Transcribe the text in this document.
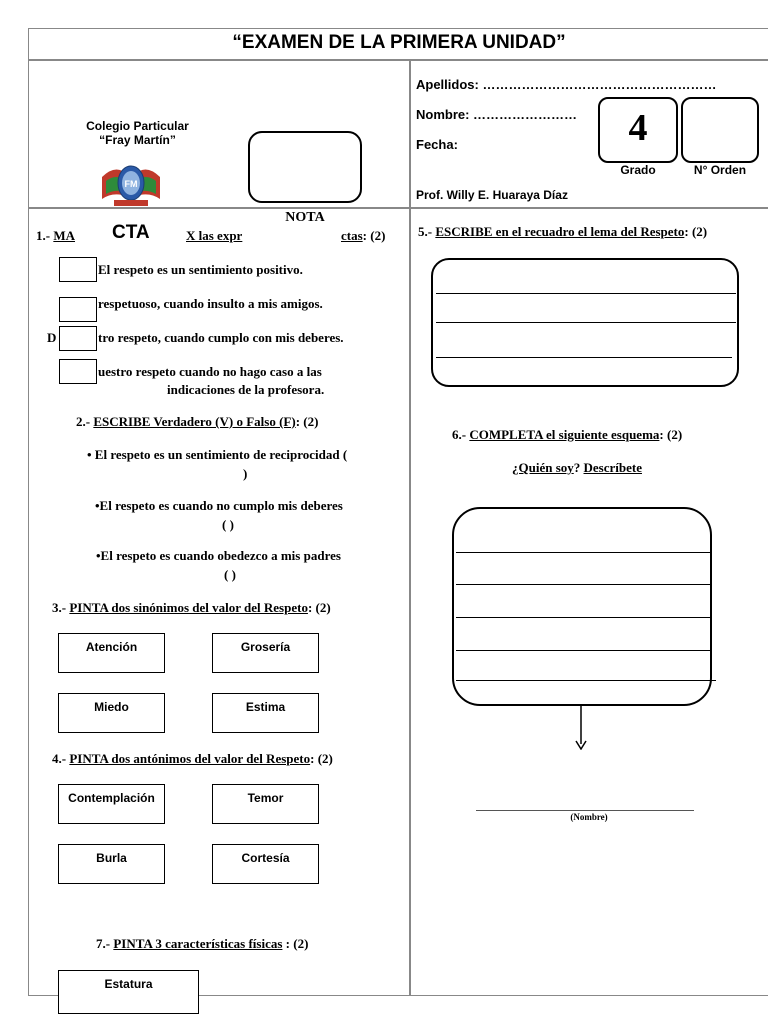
“EXAMEN DE LA PRIMERA UNIDAD”
Colegio Particular
“Fray Martín”
FM
NOTA
Apellidos: ………………………………………………
Nombre: ……………………
Fecha:
Prof. Willy E. Huaraya Díaz
4
Grado	N° Orden
1.- MA	X las expr	ctas: (2)
CTA
El respeto es un sentimiento positivo.
respetuoso, cuando insulto a mis amigos.
D	tro respeto, cuando cumplo con mis deberes.
uestro respeto cuando no hago caso a las
indicaciones de la profesora.
2.- ESCRIBE Verdadero (V) o Falso (F): (2)
• El respeto es un sentimiento de reciprocidad (
)
•El respeto es cuando no cumplo mis deberes
( )
•El respeto es cuando obedezco a mis padres
( )
3.- PINTA dos sinónimos del valor del Respeto: (2)
Atención	Grosería
Miedo	Estima
4.- PINTA dos antónimos del valor del Respeto: (2)
Contemplación	Temor
Burla	Cortesía
7.- PINTA 3 características físicas : (2)
Estatura
5.- ESCRIBE en el recuadro el lema del Respeto: (2)
6.- COMPLETA el siguiente esquema: (2)
¿Quién soy? Descríbete
(Nombre)
